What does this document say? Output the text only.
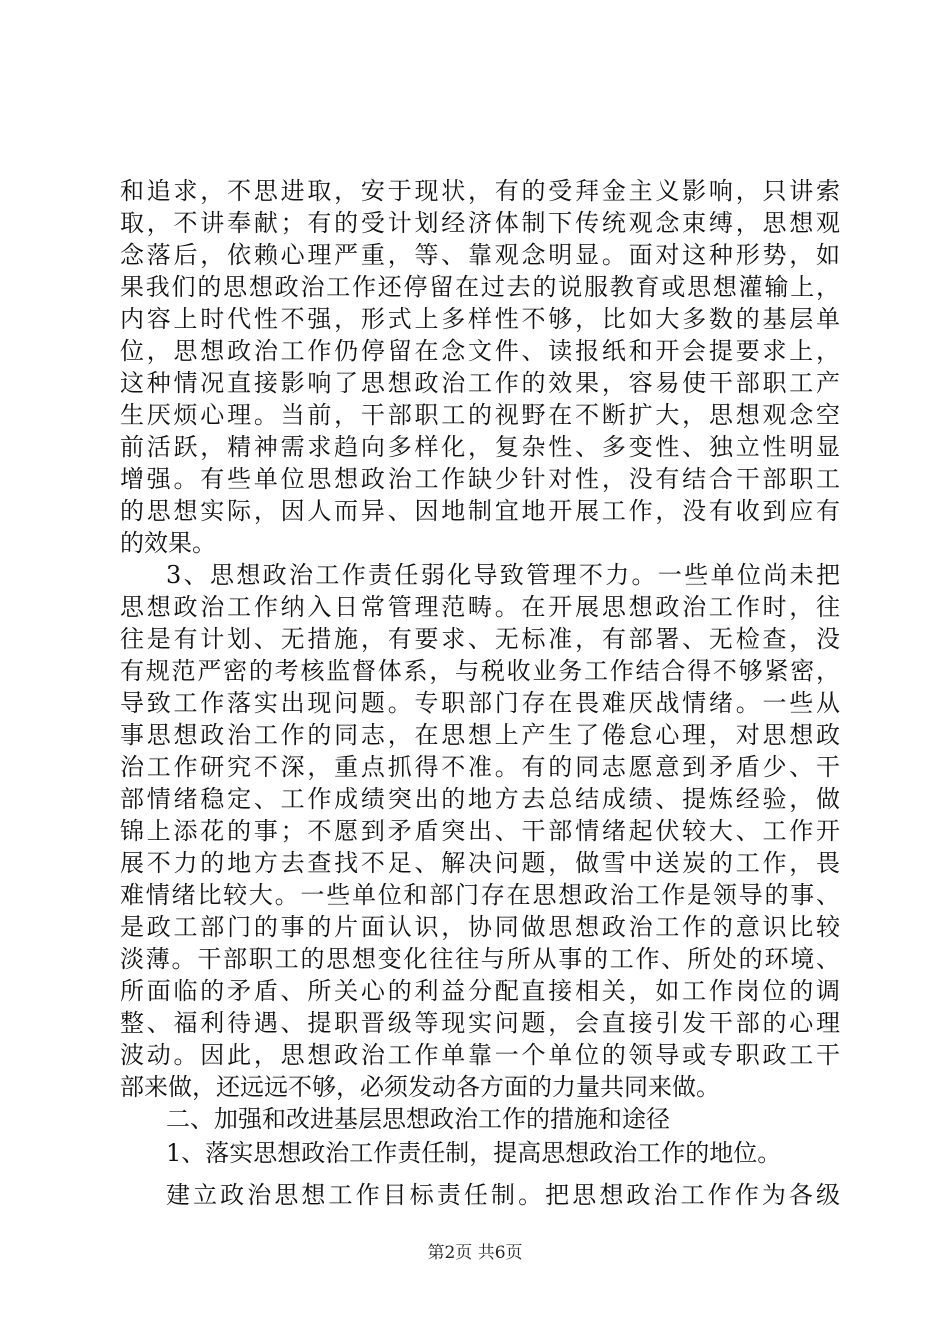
和追求，不思进取，安于现状，有的受拜金主义影响，只讲索
取，不讲奉献；有的受计划经济体制下传统观念束缚，思想观
念落后，依赖心理严重，等、靠观念明显。面对这种形势，如
果我们的思想政治工作还停留在过去的说服教育或思想灌输上，
内容上时代性不强，形式上多样性不够，比如大多数的基层单
位，思想政治工作仍停留在念文件、读报纸和开会提要求上，
这种情况直接影响了思想政治工作的效果，容易使干部职工产
生厌烦心理。当前，干部职工的视野在不断扩大，思想观念空
前活跃，精神需求趋向多样化，复杂性、多变性、独立性明显
增强。有些单位思想政治工作缺少针对性，没有结合干部职工
的思想实际，因人而异、因地制宜地开展工作，没有收到应有
的效果。
3、思想政治工作责任弱化导致管理不力。一些单位尚未把
思想政治工作纳入日常管理范畴。在开展思想政治工作时，往
往是有计划、无措施，有要求、无标准，有部署、无检查，没
有规范严密的考核监督体系，与税收业务工作结合得不够紧密，
导致工作落实出现问题。专职部门存在畏难厌战情绪。一些从
事思想政治工作的同志，在思想上产生了倦怠心理，对思想政
治工作研究不深，重点抓得不准。有的同志愿意到矛盾少、干
部情绪稳定、工作成绩突出的地方去总结成绩、提炼经验，做
锦上添花的事；不愿到矛盾突出、干部情绪起伏较大、工作开
展不力的地方去查找不足、解决问题，做雪中送炭的工作，畏
难情绪比较大。一些单位和部门存在思想政治工作是领导的事、
是政工部门的事的片面认识，协同做思想政治工作的意识比较
淡薄。干部职工的思想变化往往与所从事的工作、所处的环境、
所面临的矛盾、所关心的利益分配直接相关，如工作岗位的调
整、福利待遇、提职晋级等现实问题，会直接引发干部的心理
波动。因此，思想政治工作单靠一个单位的领导或专职政工干
部来做，还远远不够，必须发动各方面的力量共同来做。
二、加强和改进基层思想政治工作的措施和途径
1、落实思想政治工作责任制，提高思想政治工作的地位。
建立政治思想工作目标责任制。把思想政治工作作为各级
第2页 共6页
